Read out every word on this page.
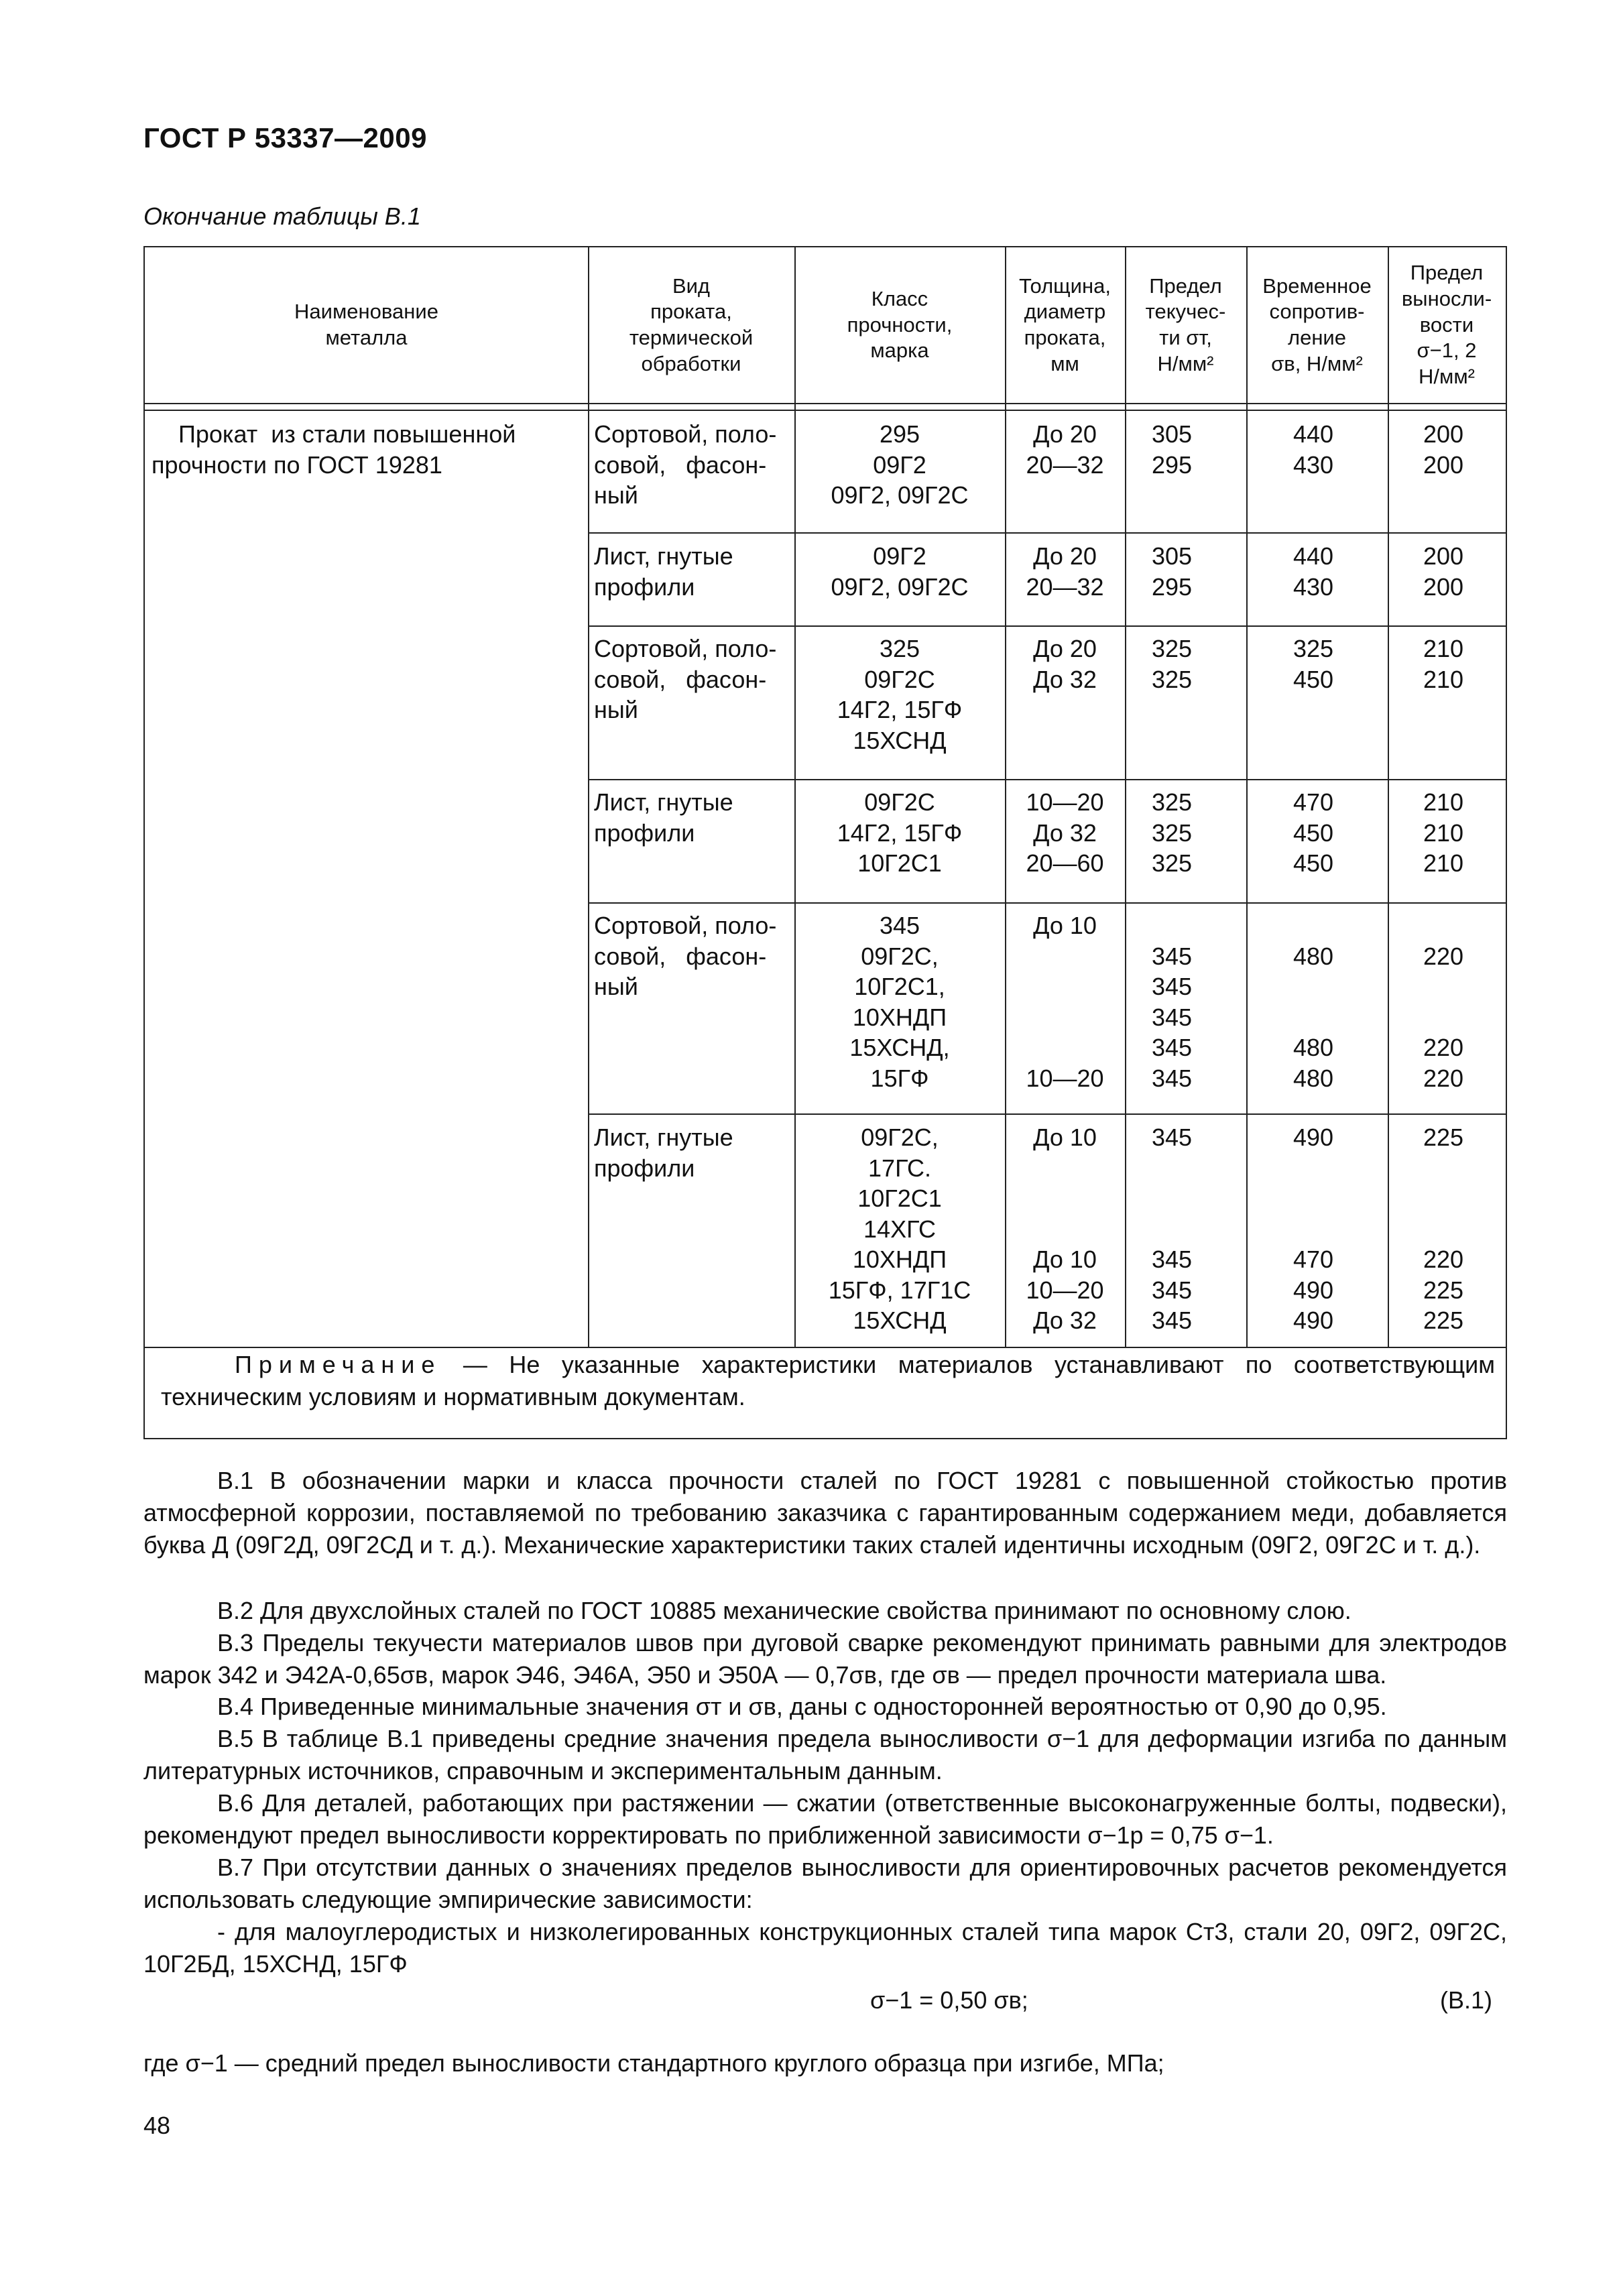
ГОСТ Р 53337—2009
Окончание таблицы В.1
Наименование
металла
Вид
проката,
термической
обработки
Класс
прочности,
марка
Толщина,
диаметр
проката,
мм
Предел
текучес-
ти σт,
Н/мм²
Временное
сопротив-
ление
σв, Н/мм²
Предел
выносли-
вости
σ−1, 2
Н/мм²
Прокат  из стали повышенной
прочности по ГОСТ 19281
Сортовой, поло-
совой,   фасон-
ный
295
09Г2
09Г2, 09Г2С
До 20
20—32
305
295
440
430
200
200
Лист, гнутые
профили
09Г2
09Г2, 09Г2С
До 20
20—32
305
295
440
430
200
200
Сортовой, поло-
совой,   фасон-
ный
325
09Г2С
14Г2, 15ГФ
15ХСНД
До 20
До 32
325
325
325
450
210
210
Лист, гнутые
профили
09Г2С
14Г2, 15ГФ
10Г2С1
10—20
До 32
20—60
325
325
325
470
450
450
210
210
210
Сортовой, поло-
совой,   фасон-
ный
345
09Г2С,
10Г2С1,
10ХНДП
15ХСНД,
15ГФ
До 10

10—20

345
345
345
345
345

480

480
480

220

220
220
Лист, гнутые
профили
09Г2С,
17ГС.
10Г2С1
14ХГС
10ХНДП
15ГФ, 17Г1С
15ХСНД
До 10

До 10
10—20
До 32
345

345
345
345
490

470
490
490
225

220
225
225
Примечание — Не указанные характеристики материалов устанавливают по соответствующим техническим условиям и нормативным документам.
В.1 В обозначении марки и класса прочности сталей по ГОСТ 19281 с повышенной стойкостью против атмосферной коррозии, поставляемой по требованию заказчика с гарантированным содержанием меди, добавляется буква Д (09Г2Д, 09Г2СД и т. д.). Механические характеристики таких сталей идентичны исходным (09Г2, 09Г2С и т. д.).
В.2 Для двухслойных сталей по ГОСТ 10885 механические свойства принимают по основному слою.
В.3 Пределы текучести материалов швов при дуговой сварке рекомендуют принимать равными для электродов марок 342 и Э42А-0,65σв, марок Э46, Э46А, Э50 и Э50А — 0,7σв, где σв — предел прочности материала шва.
В.4 Приведенные минимальные значения σт и σв, даны с односторонней вероятностью от 0,90 до 0,95.
В.5 В таблице В.1 приведены средние значения предела выносливости σ−1 для деформации изгиба по данным литературных источников, справочным и экспериментальным данным.
В.6 Для деталей, работающих при растяжении — сжатии (ответственные высоконагруженные болты, подвески), рекомендуют предел выносливости корректировать по приближенной зависимости σ−1р = 0,75 σ−1.
В.7 При отсутствии данных о значениях пределов выносливости для ориентировочных расчетов рекомендуется использовать следующие эмпирические зависимости:
- для малоуглеродистых и низколегированных конструкционных сталей типа марок Ст3, стали 20, 09Г2, 09Г2С, 10Г2БД, 15ХСНД, 15ГФ
σ−1 = 0,50 σв;	(В.1)
где σ−1 — средний предел выносливости стандартного круглого образца при изгибе, МПа;
48
